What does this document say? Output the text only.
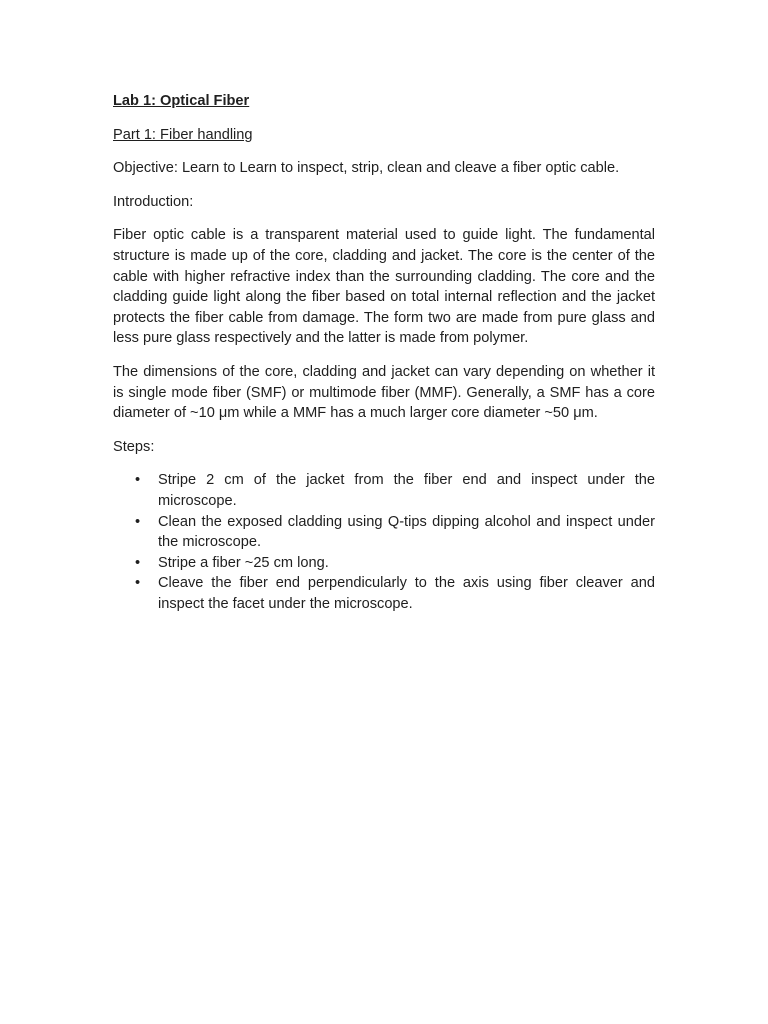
Lab 1: Optical Fiber
Part 1: Fiber handling
Objective: Learn to Learn to inspect, strip, clean and cleave a fiber optic cable.
Introduction:
Fiber optic cable is a transparent material used to guide light. The fundamental structure is made up of the core, cladding and jacket. The core is the center of the cable with higher refractive index than the surrounding cladding. The core and the cladding guide light along the fiber based on total internal reflection and the jacket protects the fiber cable from damage. The form two are made from pure glass and less pure glass respectively and the latter is made from polymer.
The dimensions of the core, cladding and jacket can vary depending on whether it is single mode fiber (SMF) or multimode fiber (MMF). Generally, a SMF has a core diameter of ~10 μm while a MMF has a much larger core diameter ~50 μm.
Steps:
• Stripe 2 cm of the jacket from the fiber end and inspect under the microscope.
• Clean the exposed cladding using Q-tips dipping alcohol and inspect under the microscope.
• Stripe a fiber ~25 cm long.
• Cleave the fiber end perpendicularly to the axis using fiber cleaver and inspect the facet under the microscope.
